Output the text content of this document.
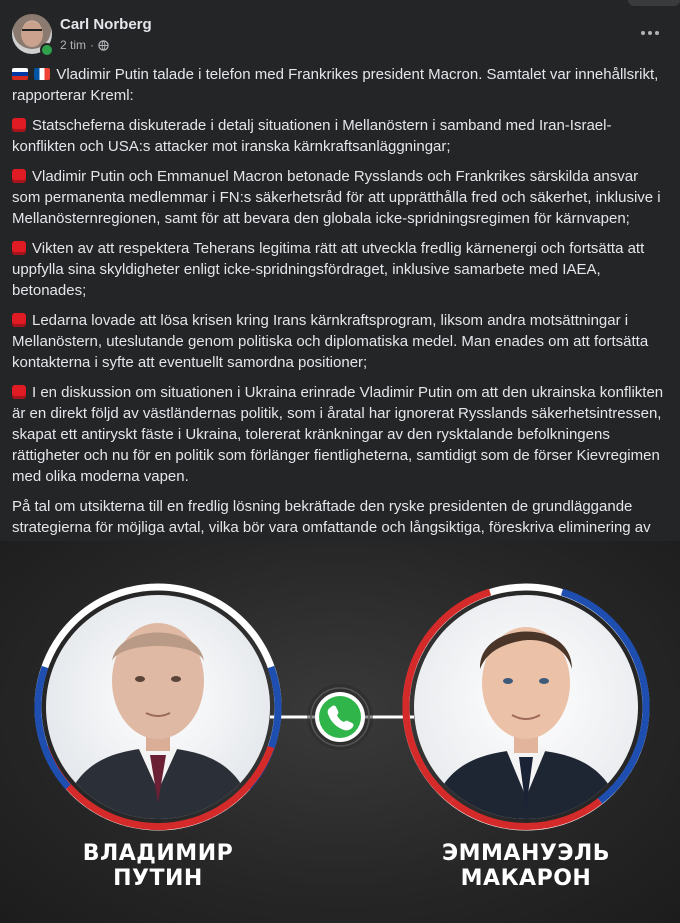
Carl Norberg
2 tim ·

Vladimir Putin talade i telefon med Frankrikes president Macron. Samtalet var innehållsrikt, rapporterar Kreml:

Statscheferna diskuterade i detalj situationen i Mellanöstern i samband med Iran-Israel-konflikten och USA:s attacker mot iranska kärnkraftsanläggningar;

Vladimir Putin och Emmanuel Macron betonade Rysslands och Frankrikes särskilda ansvar som permanenta medlemmar i FN:s säkerhetsråd för att upprätthålla fred och säkerhet, inklusive i Mellanösternregionen, samt för att bevara den globala icke-spridningsregimen för kärnvapen;

Vikten av att respektera Teherans legitima rätt att utveckla fredlig kärnenergi och fortsätta att uppfylla sina skyldigheter enligt icke-spridningsfördraget, inklusive samarbete med IAEA, betonades;

Ledarna lovade att lösa krisen kring Irans kärnkraftsprogram, liksom andra motsättningar i Mellanöstern, uteslutande genom politiska och diplomatiska medel. Man enades om att fortsätta kontakterna i syfte att eventuellt samordna positioner;

I en diskussion om situationen i Ukraina erinrade Vladimir Putin om att den ukrainska konflikten är en direkt följd av västländernas politik, som i åratal har ignorerat Rysslands säkerhetsintressen, skapat ett antiryskt fäste i Ukraina, tolererat kränkningar av den rysktalande befolkningens rättigheter och nu för en politik som förlänger fientligheterna, samtidigt som de förser Kievregimen med olika moderna vapen.

På tal om utsikterna till en fredlig lösning bekräftade den ryske presidenten de grundläggande strategierna för möjliga avtal, vilka bör vara omfattande och långsiktiga, föreskriva eliminering av

ВЛАДИМИР
ПУТИН
ЭММАНУЭЛЬ
МАКАРОН
